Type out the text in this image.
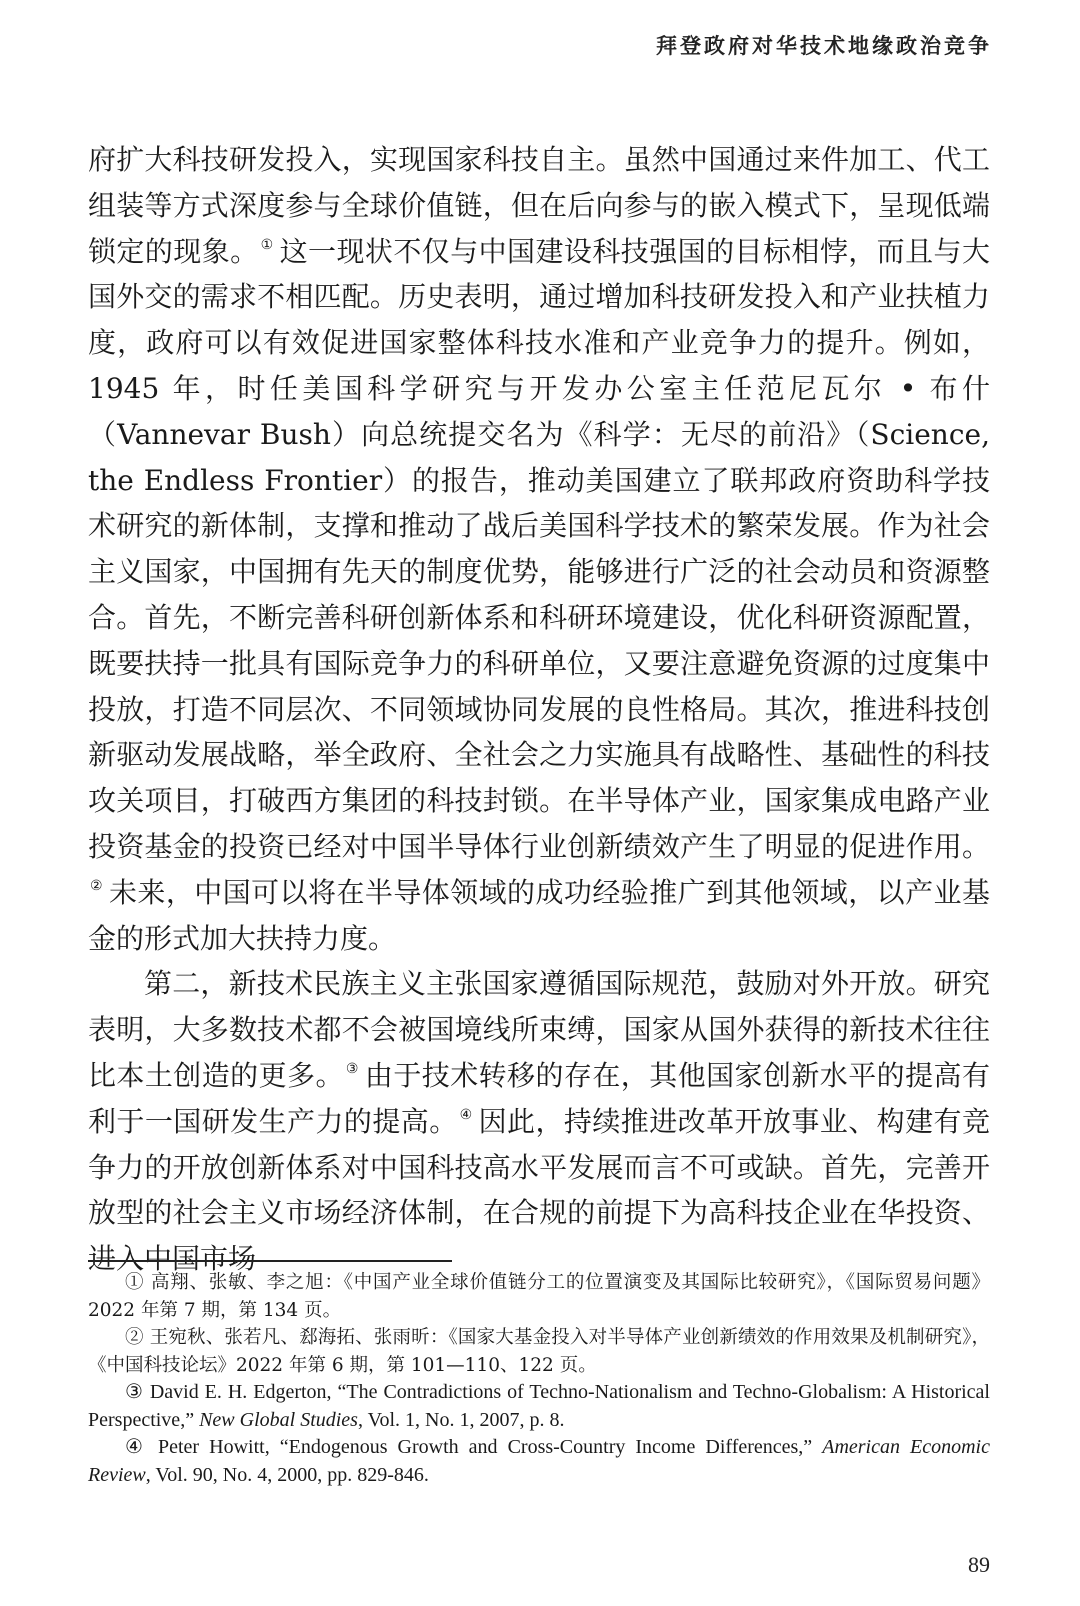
拜登政府对华技术地缘政治竞争

府扩大科技研发投入，实现国家科技自主。虽然中国通过来件加工、代工组装等方式深度参与全球价值链，但在后向参与的嵌入模式下，呈现低端锁定的现象。 ① 这一现状不仅与中国建设科技强国的目标相悖，而且与大国外交的需求不相匹配。历史表明，通过增加科技研发投入和产业扶植力度，政府可以有效促进国家整体科技水准和产业竞争力的提升。例如，1945 年，时任美国科学研究与开发办公室主任范尼瓦尔 • 布什（Vannevar Bush）向总统提交名为《科学：无尽的前沿》（Science, the Endless Frontier）的报告，推动美国建立了联邦政府资助科学技术研究的新体制，支撑和推动了战后美国科学技术的繁荣发展。作为社会主义国家，中国拥有先天的制度优势，能够进行广泛的社会动员和资源整合。首先，不断完善科研创新体系和科研环境建设，优化科研资源配置，既要扶持一批具有国际竞争力的科研单位，又要注意避免资源的过度集中投放，打造不同层次、不同领域协同发展的良性格局。其次，推进科技创新驱动发展战略，举全政府、全社会之力实施具有战略性、基础性的科技攻关项目，打破西方集团的科技封锁。在半导体产业，国家集成电路产业投资基金的投资已经对中国半导体行业创新绩效产生了明显的促进作用。② 未来，中国可以将在半导体领域的成功经验推广到其他领域，以产业基金的形式加大扶持力度。

第二，新技术民族主义主张国家遵循国际规范，鼓励对外开放。研究表明，大多数技术都不会被国境线所束缚，国家从国外获得的新技术往往比本土创造的更多。 ③ 由于技术转移的存在，其他国家创新水平的提高有利于一国研发生产力的提高。 ④ 因此，持续推进改革开放事业、构建有竞争力的开放创新体系对中国科技高水平发展而言不可或缺。首先，完善开放型的社会主义市场经济体制，在合规的前提下为高科技企业在华投资、进入中国市场

① 高翔、张敏、李之旭：《中国产业全球价值链分工的位置演变及其国际比较研究》，《国际贸易问题》2022 年第 7 期，第 134 页。

② 王宛秋、张若凡、郄海拓、张雨昕：《国家大基金投入对半导体产业创新绩效的作用效果及机制研究》，《中国科技论坛》2022 年第 6 期，第 101—110、122 页。

③ David E. H. Edgerton, “The Contradictions of Techno-Nationalism and Techno-Globalism: A Historical Perspective,” New Global Studies, Vol. 1, No. 1, 2007, p. 8.

④ Peter Howitt, “Endogenous Growth and Cross-Country Income Differences,” American Economic Review, Vol. 90, No. 4, 2000, pp. 829-846.

89
